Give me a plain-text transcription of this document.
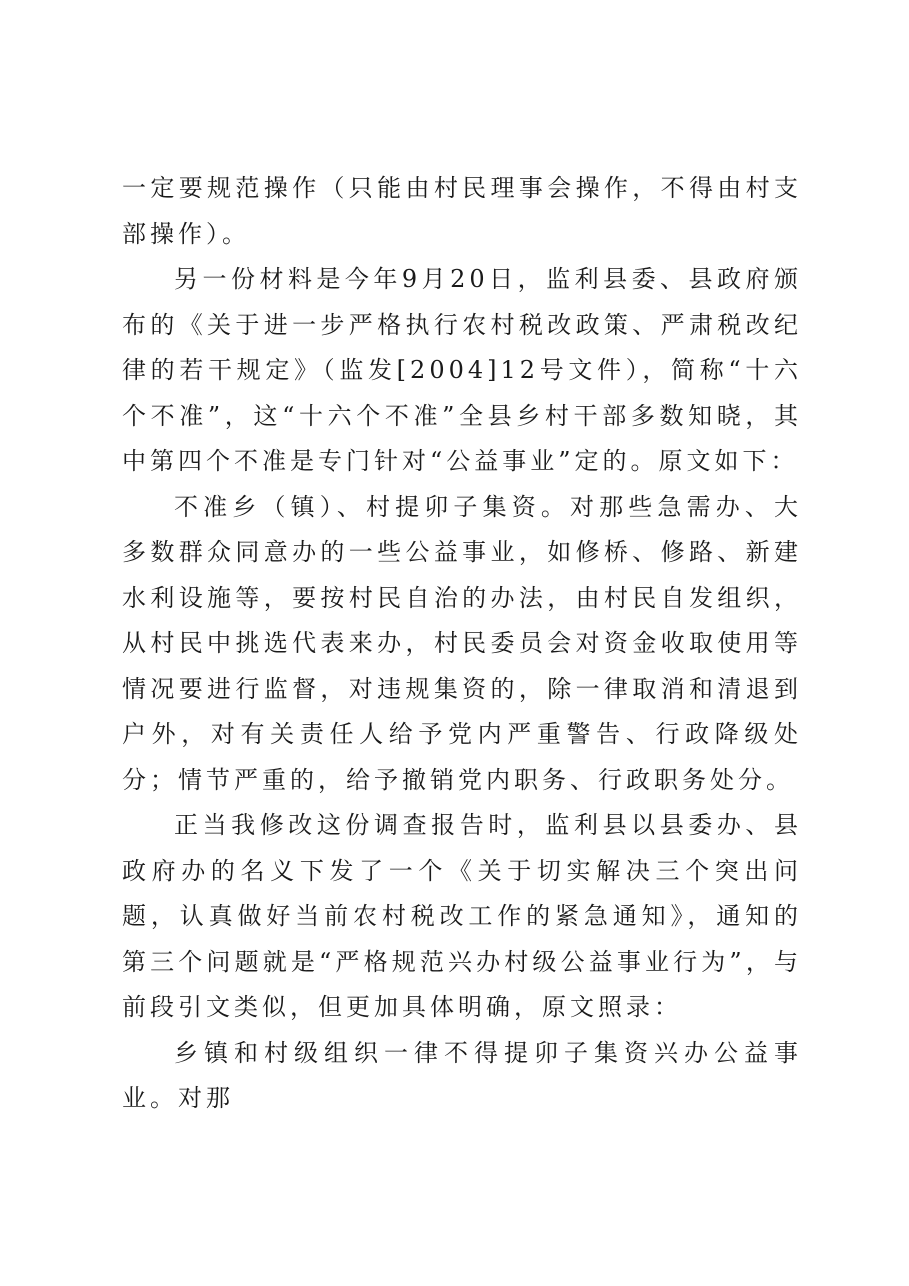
一定要规范操作（只能由村民理事会操作，不得由村支部操作）。

另一份材料是今年9月20日，监利县委、县政府颁布的《关于进一步严格执行农村税改政策、严肃税改纪律的若干规定》（监发[2004]12号文件），简称“十六个不准”，这“十六个不准”全县乡村干部多数知晓，其中第四个不准是专门针对“公益事业”定的。原文如下：

不准乡（镇）、村提卯子集资。对那些急需办、大多数群众同意办的一些公益事业，如修桥、修路、新建水利设施等，要按村民自治的办法，由村民自发组织，从村民中挑选代表来办，村民委员会对资金收取使用等情况要进行监督，对违规集资的，除一律取消和清退到户外，对有关责任人给予党内严重警告、行政降级处分；情节严重的，给予撤销党内职务、行政职务处分。

正当我修改这份调查报告时，监利县以县委办、县政府办的名义下发了一个《关于切实解决三个突出问题，认真做好当前农村税改工作的紧急通知》，通知的第三个问题就是“严格规范兴办村级公益事业行为”，与前段引文类似，但更加具体明确，原文照录：

乡镇和村级组织一律不得提卯子集资兴办公益事业。对那
